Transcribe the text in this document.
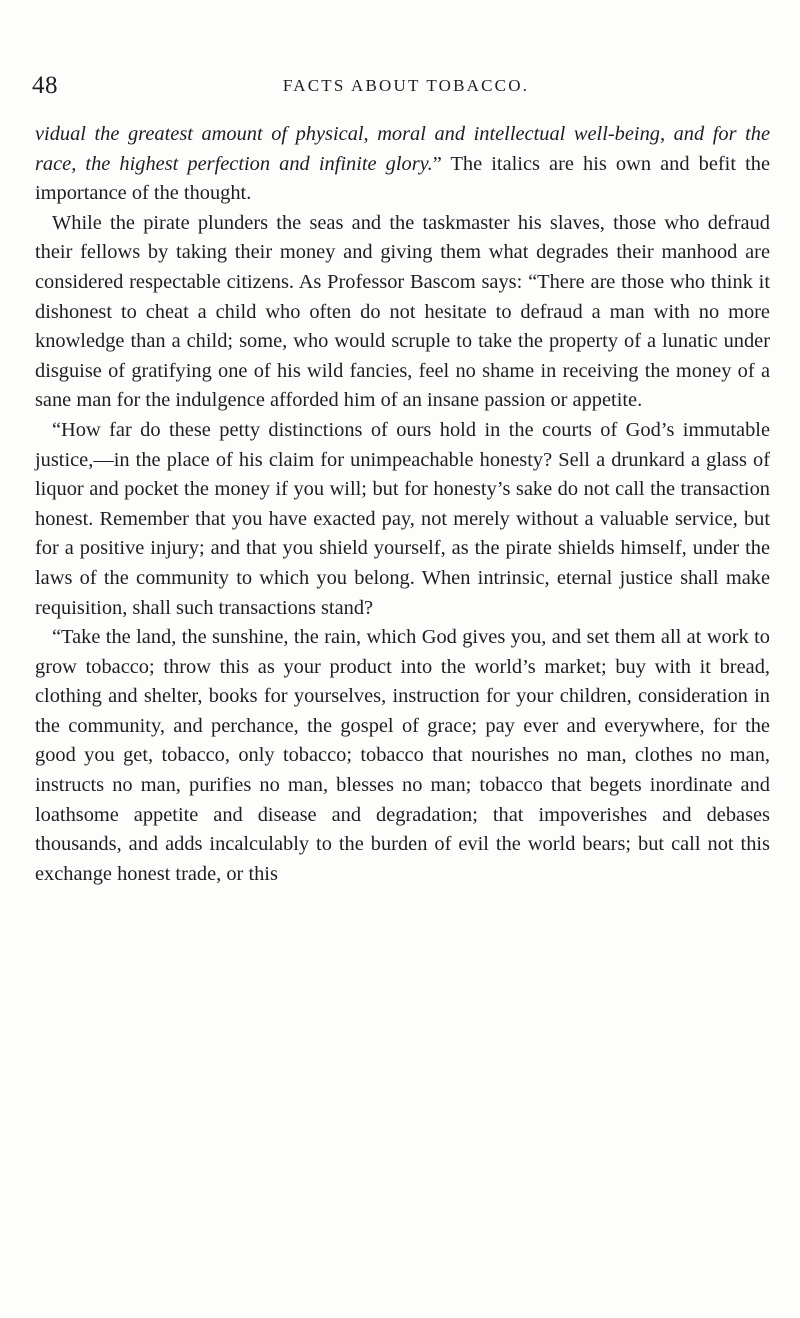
48	FACTS ABOUT TOBACCO.

vidual the greatest amount of physical, moral and intellectual well-being, and for the race, the highest perfection and infinite glory.” The italics are his own and befit the importance of the thought.

While the pirate plunders the seas and the taskmaster his slaves, those who defraud their fellows by taking their money and giving them what degrades their manhood are considered respectable citizens. As Professor Bascom says: “There are those who think it dishonest to cheat a child who often do not hesitate to defraud a man with no more knowledge than a child; some, who would scruple to take the property of a lunatic under disguise of gratifying one of his wild fancies, feel no shame in receiving the money of a sane man for the indulgence afforded him of an insane passion or appetite.

“How far do these petty distinctions of ours hold in the courts of God’s immutable justice,—in the place of his claim for unimpeachable honesty? Sell a drunkard a glass of liquor and pocket the money if you will; but for honesty’s sake do not call the transaction honest. Remember that you have exacted pay, not merely without a valuable service, but for a positive injury; and that you shield yourself, as the pirate shields himself, under the laws of the community to which you belong. When intrinsic, eternal justice shall make requisition, shall such transactions stand?

“Take the land, the sunshine, the rain, which God gives you, and set them all at work to grow tobacco; throw this as your product into the world’s market; buy with it bread, clothing and shelter, books for yourselves, instruction for your children, consideration in the community, and perchance, the gospel of grace; pay ever and everywhere, for the good you get, tobacco, only tobacco; tobacco that nourishes no man, clothes no man, instructs no man, purifies no man, blesses no man; tobacco that begets inordinate and loathsome appetite and disease and degradation; that impoverishes and debases thousands, and adds incalculably to the burden of evil the world bears; but call not this exchange honest trade, or this
